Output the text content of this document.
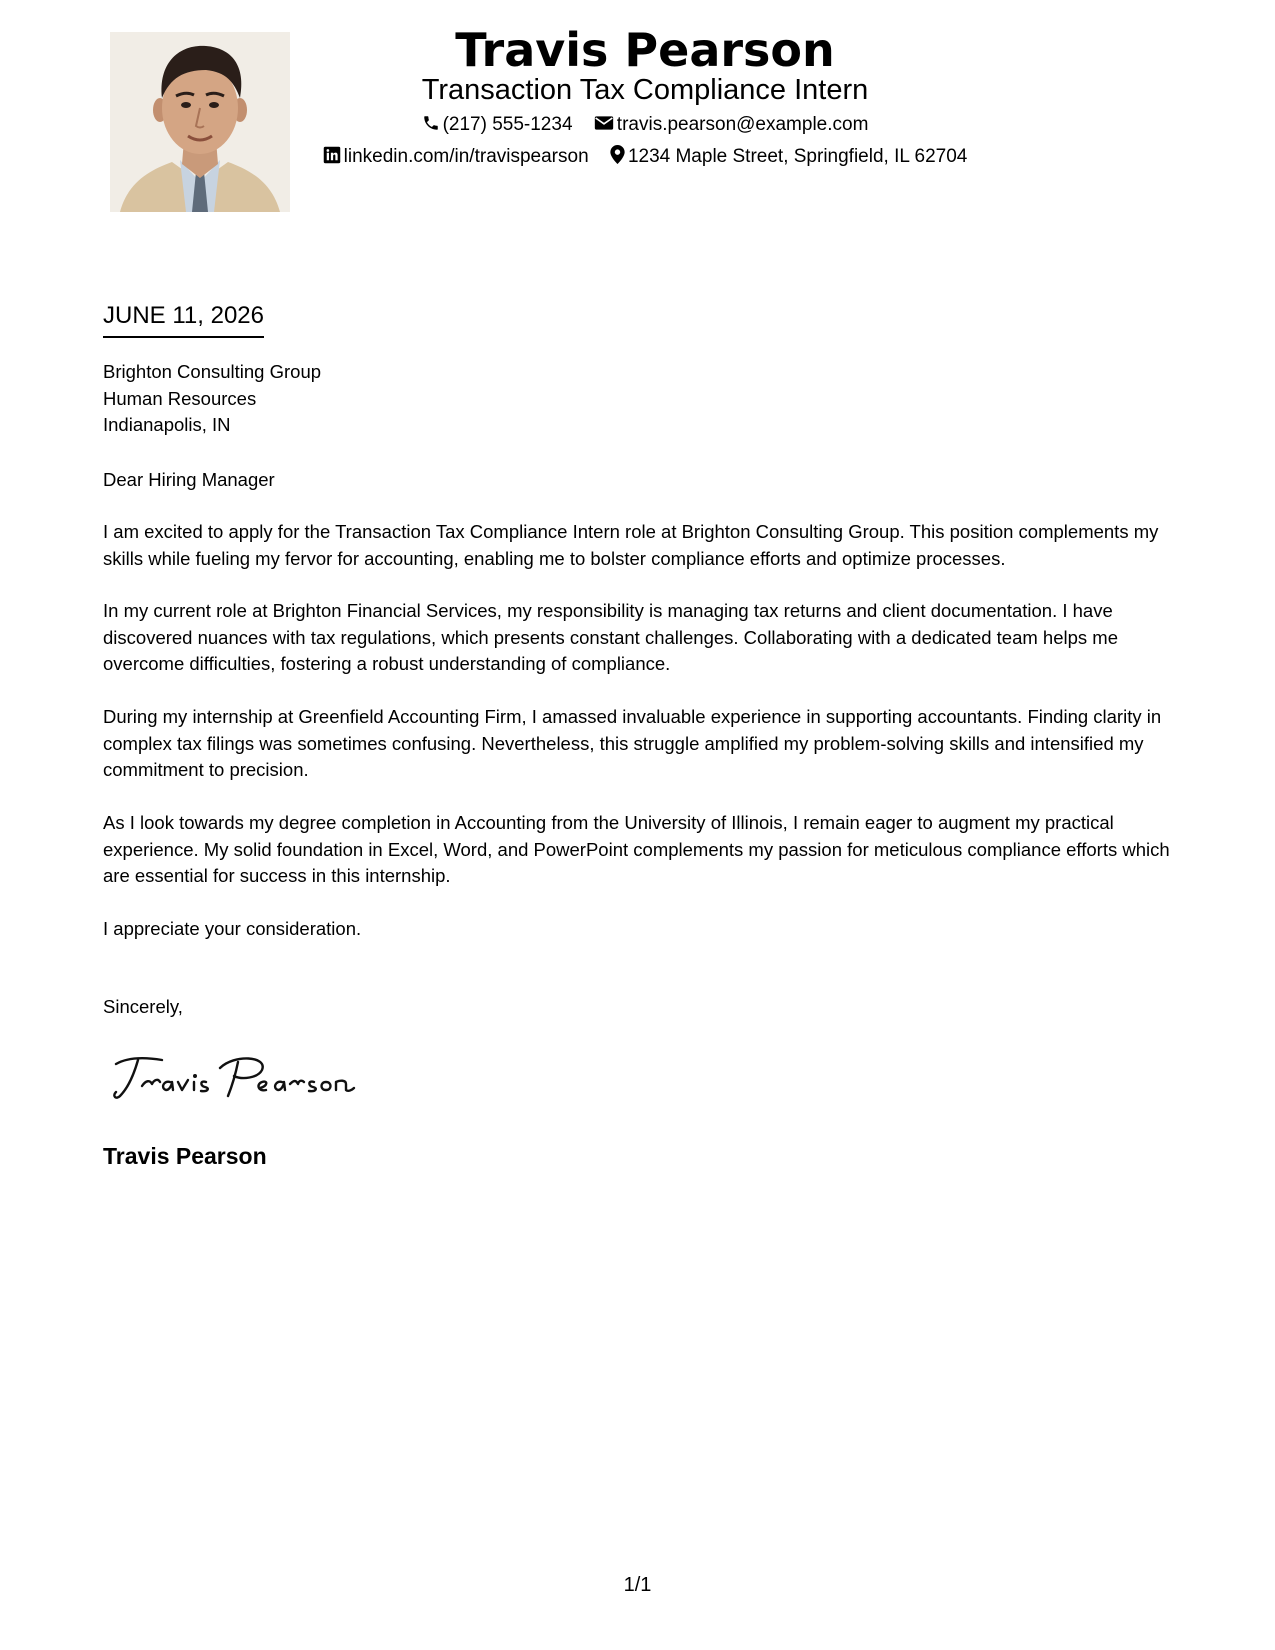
Travis Pearson
Transaction Tax Compliance Intern
(217) 555-1234 travis.pearson@example.com
linkedin.com/in/travispearson 1234 Maple Street, Springfield, IL 62704
JUNE 11, 2026
Brighton Consulting Group
Human Resources
Indianapolis, IN
Dear Hiring Manager
I am excited to apply for the Transaction Tax Compliance Intern role at Brighton Consulting Group. This position complements my skills while fueling my fervor for accounting, enabling me to bolster compliance efforts and optimize processes.
In my current role at Brighton Financial Services, my responsibility is managing tax returns and client documentation. I have discovered nuances with tax regulations, which presents constant challenges. Collaborating with a dedicated team helps me overcome difficulties, fostering a robust understanding of compliance.
During my internship at Greenfield Accounting Firm, I amassed invaluable experience in supporting accountants. Finding clarity in complex tax filings was sometimes confusing. Nevertheless, this struggle amplified my problem-solving skills and intensified my commitment to precision.
As I look towards my degree completion in Accounting from the University of Illinois, I remain eager to augment my practical experience. My solid foundation in Excel, Word, and PowerPoint complements my passion for meticulous compliance efforts which are essential for success in this internship.
I appreciate your consideration.
Sincerely,
Travis Pearson
1/1
